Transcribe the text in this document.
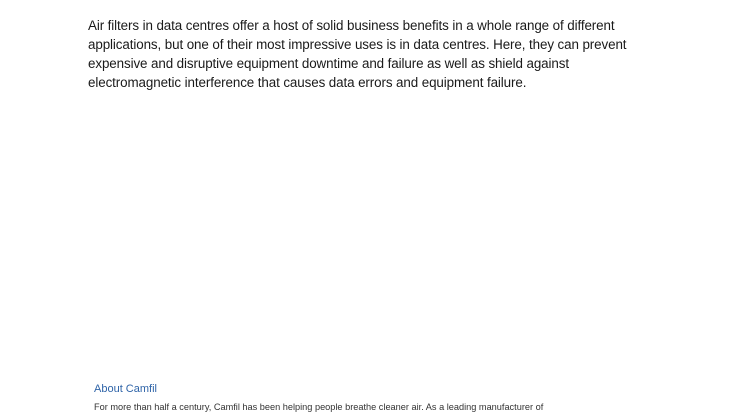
Air filters in data centres offer a host of solid business benefits in a whole range of different applications, but one of their most impressive uses is in data centres. Here, they can prevent expensive and disruptive equipment downtime and failure as well as shield against electromagnetic interference that causes data errors and equipment failure.

About Camfil

For more than half a century, Camfil has been helping people breathe cleaner air. As a leading manufacturer of
